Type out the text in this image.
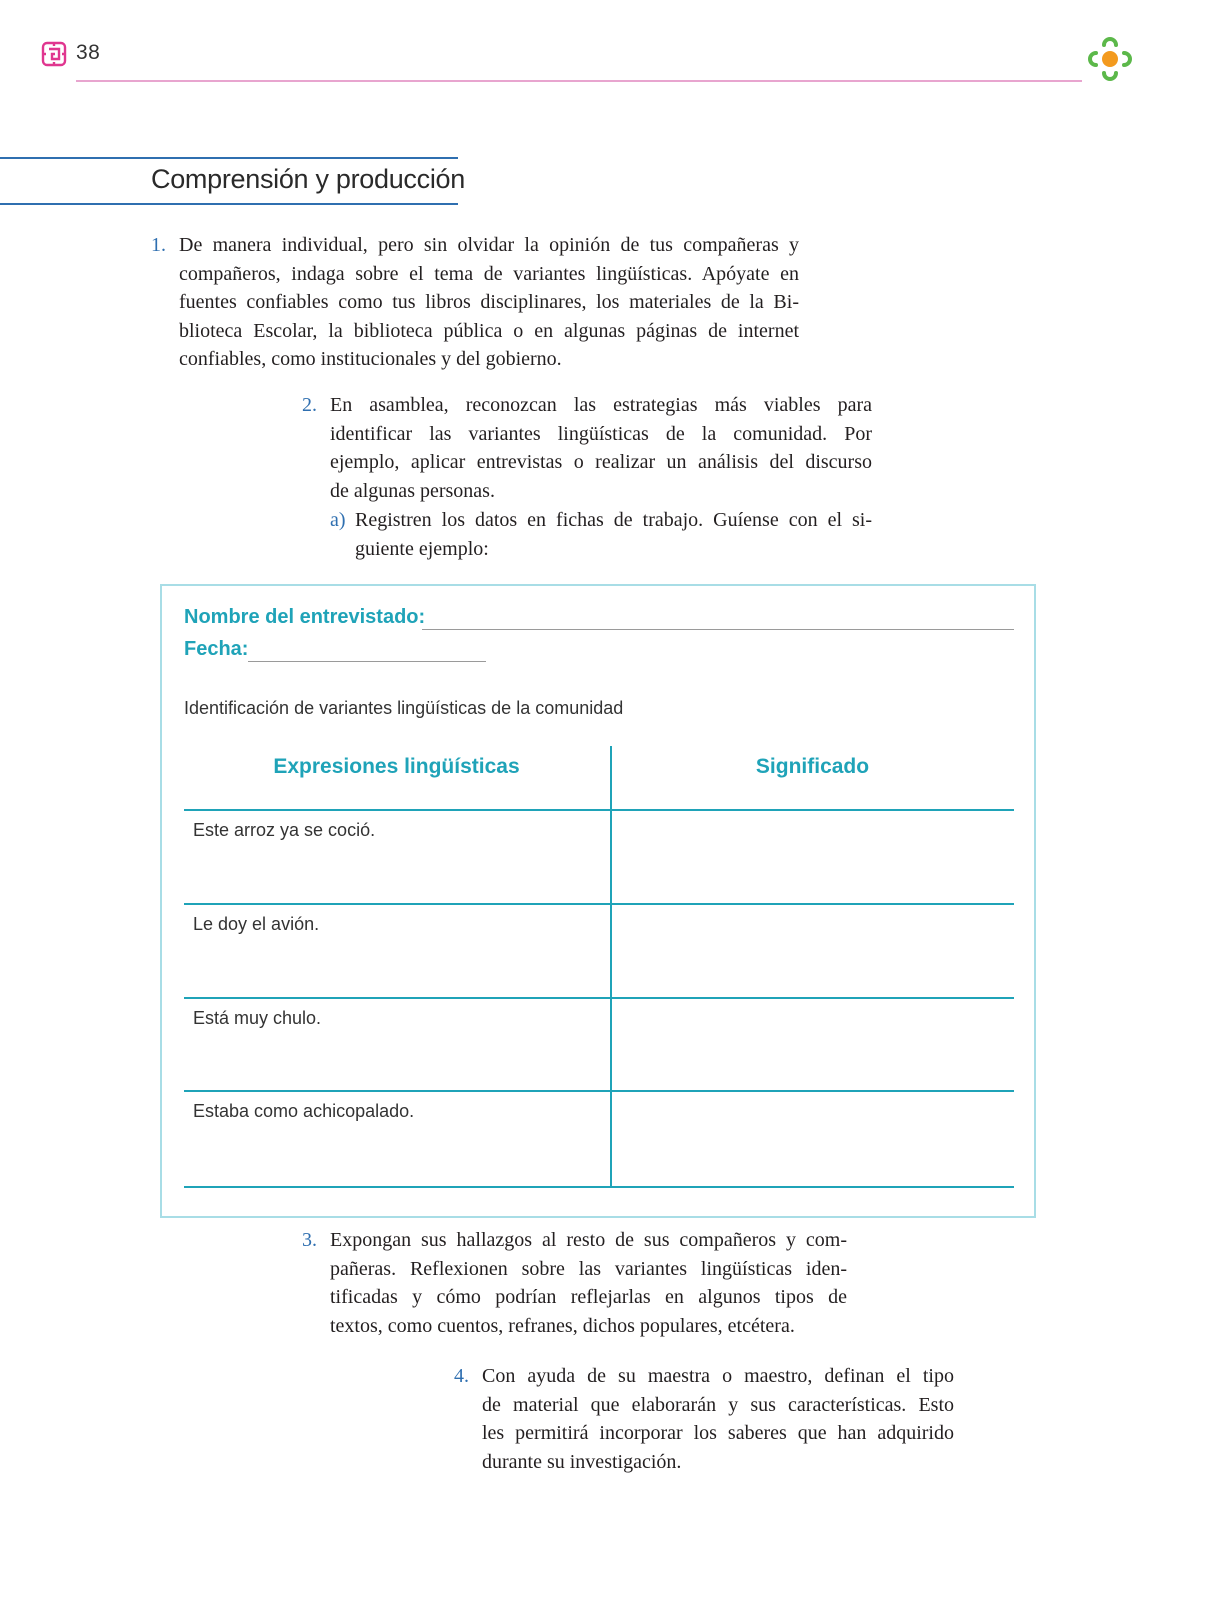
38
Comprensión y producción
1. De manera individual, pero sin olvidar la opinión de tus compañeras y
compañeros, indaga sobre el tema de variantes lingüísticas. Apóyate en
fuentes confiables como tus libros disciplinares, los materiales de la Bi-
blioteca Escolar, la biblioteca pública o en algunas páginas de internet
confiables, como institucionales y del gobierno.
2. En asamblea, reconozcan las estrategias más viables para
identificar las variantes lingüísticas de la comunidad. Por
ejemplo, aplicar entrevistas o realizar un análisis del discurso
de algunas personas.
a) Registren los datos en fichas de trabajo. Guíense con el si-
guiente ejemplo:
Nombre del entrevistado:
Fecha:
Identificación de variantes lingüísticas de la comunidad
Expresiones lingüísticas	Significado
Este arroz ya se coció.
Le doy el avión.
Está muy chulo.
Estaba como achicopalado.
3. Expongan sus hallazgos al resto de sus compañeros y com-
pañeras. Reflexionen sobre las variantes lingüísticas iden-
tificadas y cómo podrían reflejarlas en algunos tipos de
textos, como cuentos, refranes, dichos populares, etcétera.
4. Con ayuda de su maestra o maestro, definan el tipo
de material que elaborarán y sus características. Esto
les permitirá incorporar los saberes que han adquirido
durante su investigación.
